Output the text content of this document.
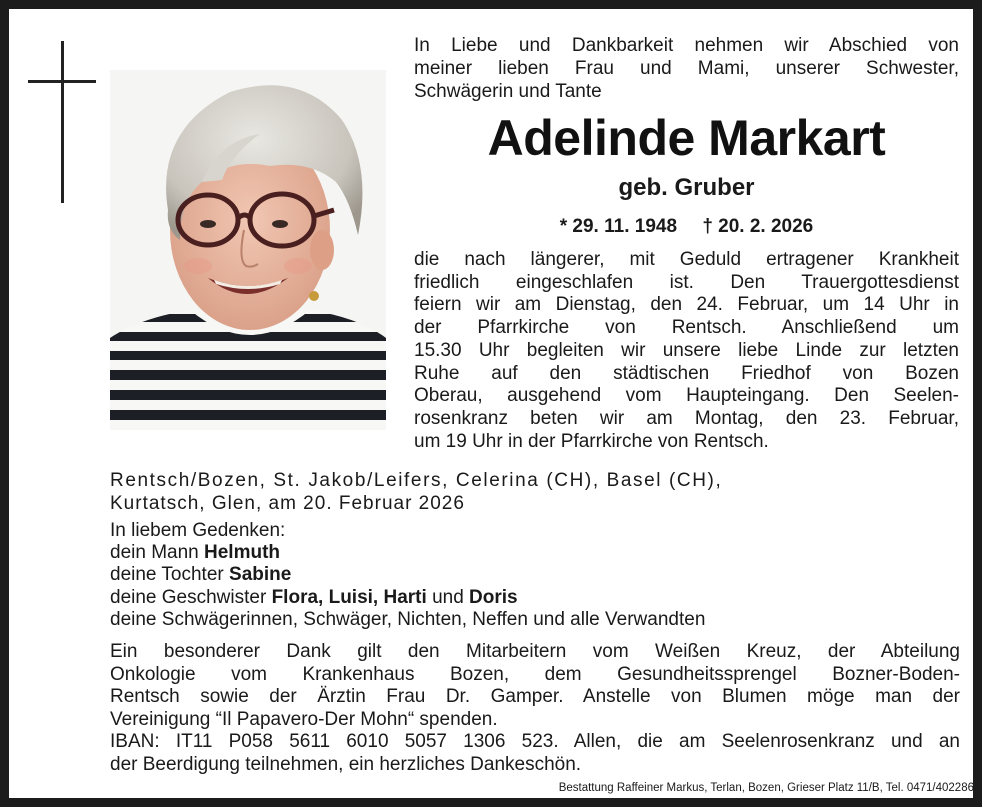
In Liebe und Dankbarkeit nehmen wir Abschied von
meiner lieben Frau und Mami, unserer Schwester,
Schwägerin und Tante

Adelinde Markart
geb. Gruber
* 29. 11. 1948 † 20. 2. 2026

die nach längerer, mit Geduld ertragener Krankheit
friedlich eingeschlafen ist. Den Trauergottesdienst
feiern wir am Dienstag, den 24. Februar, um 14 Uhr in
der Pfarrkirche von Rentsch. Anschließend um
15.30 Uhr begleiten wir unsere liebe Linde zur letzten
Ruhe auf den städtischen Friedhof von Bozen
Oberau, ausgehend vom Haupteingang. Den Seelen-
rosenkranz beten wir am Montag, den 23. Februar,
um 19 Uhr in der Pfarrkirche von Rentsch.

Rentsch/Bozen, St. Jakob/Leifers, Celerina (CH), Basel (CH),
Kurtatsch, Glen, am 20. Februar 2026

In liebem Gedenken:
dein Mann Helmuth
deine Tochter Sabine
deine Geschwister Flora, Luisi, Harti und Doris
deine Schwägerinnen, Schwäger, Nichten, Neffen und alle Verwandten

Ein besonderer Dank gilt den Mitarbeitern vom Weißen Kreuz, der Abteilung
Onkologie vom Krankenhaus Bozen, dem Gesundheitssprengel Bozner-Boden-
Rentsch sowie der Ärztin Frau Dr. Gamper. Anstelle von Blumen möge man der
Vereinigung “Il Papavero-Der Mohn“ spenden.
IBAN: IT11 P058 5611 6010 5057 1306 523. Allen, die am Seelenrosenkranz und an
der Beerdigung teilnehmen, ein herzliches Dankeschön.

Bestattung Raffeiner Markus, Terlan, Bozen, Grieser Platz 11/B, Tel. 0471/402286
